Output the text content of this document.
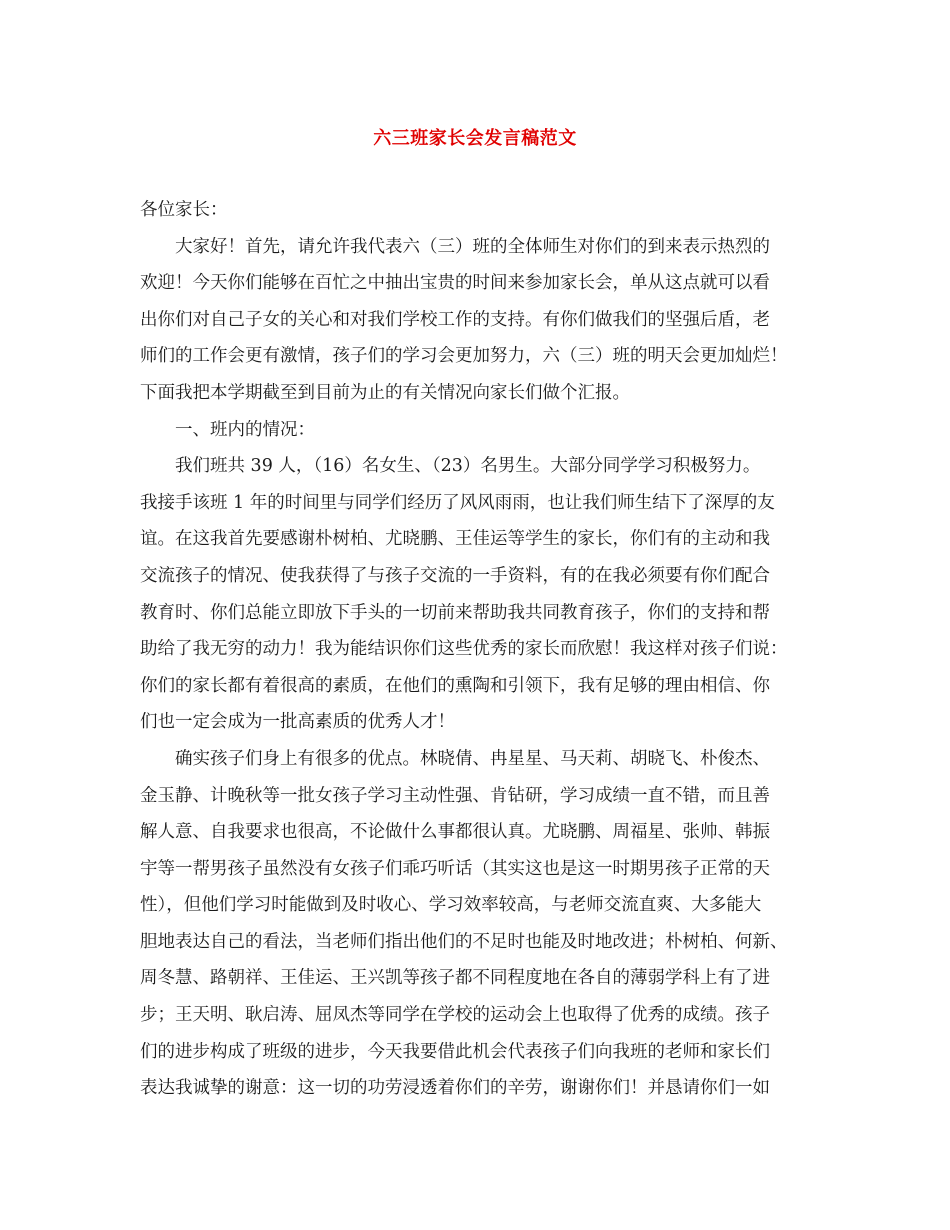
六三班家长会发言稿范文
各位家长：
大家好！首先，请允许我代表六（三）班的全体师生对你们的到来表示热烈的
欢迎！今天你们能够在百忙之中抽出宝贵的时间来参加家长会，单从这点就可以看
出你们对自己子女的关心和对我们学校工作的支持。有你们做我们的坚强后盾，老
师们的工作会更有激情，孩子们的学习会更加努力，六（三）班的明天会更加灿烂！
下面我把本学期截至到目前为止的有关情况向家长们做个汇报。
一、班内的情况：
我们班共 39 人，（16）名女生、（23）名男生。大部分同学学习积极努力。
我接手该班 1 年的时间里与同学们经历了风风雨雨，也让我们师生结下了深厚的友
谊。在这我首先要感谢朴树柏、尤晓鹏、王佳运等学生的家长，你们有的主动和我
交流孩子的情况、使我获得了与孩子交流的一手资料，有的在我必须要有你们配合
教育时、你们总能立即放下手头的一切前来帮助我共同教育孩子，你们的支持和帮
助给了我无穷的动力！我为能结识你们这些优秀的家长而欣慰！我这样对孩子们说：
你们的家长都有着很高的素质，在他们的熏陶和引领下，我有足够的理由相信、你
们也一定会成为一批高素质的优秀人才！
确实孩子们身上有很多的优点。林晓倩、冉星星、马天莉、胡晓飞、朴俊杰、
金玉静、计晚秋等一批女孩子学习主动性强、肯钻研，学习成绩一直不错，而且善
解人意、自我要求也很高，不论做什么事都很认真。尤晓鹏、周福星、张帅、韩振
宇等一帮男孩子虽然没有女孩子们乖巧听话（其实这也是这一时期男孩子正常的天
性），但他们学习时能做到及时收心、学习效率较高，与老师交流直爽、大多能大
胆地表达自己的看法，当老师们指出他们的不足时也能及时地改进；朴树柏、何新、
周冬慧、路朝祥、王佳运、王兴凯等孩子都不同程度地在各自的薄弱学科上有了进
步；王天明、耿启涛、屈凤杰等同学在学校的运动会上也取得了优秀的成绩。孩子
们的进步构成了班级的进步，今天我要借此机会代表孩子们向我班的老师和家长们
表达我诚挚的谢意：这一切的功劳浸透着你们的辛劳，谢谢你们！并恳请你们一如
